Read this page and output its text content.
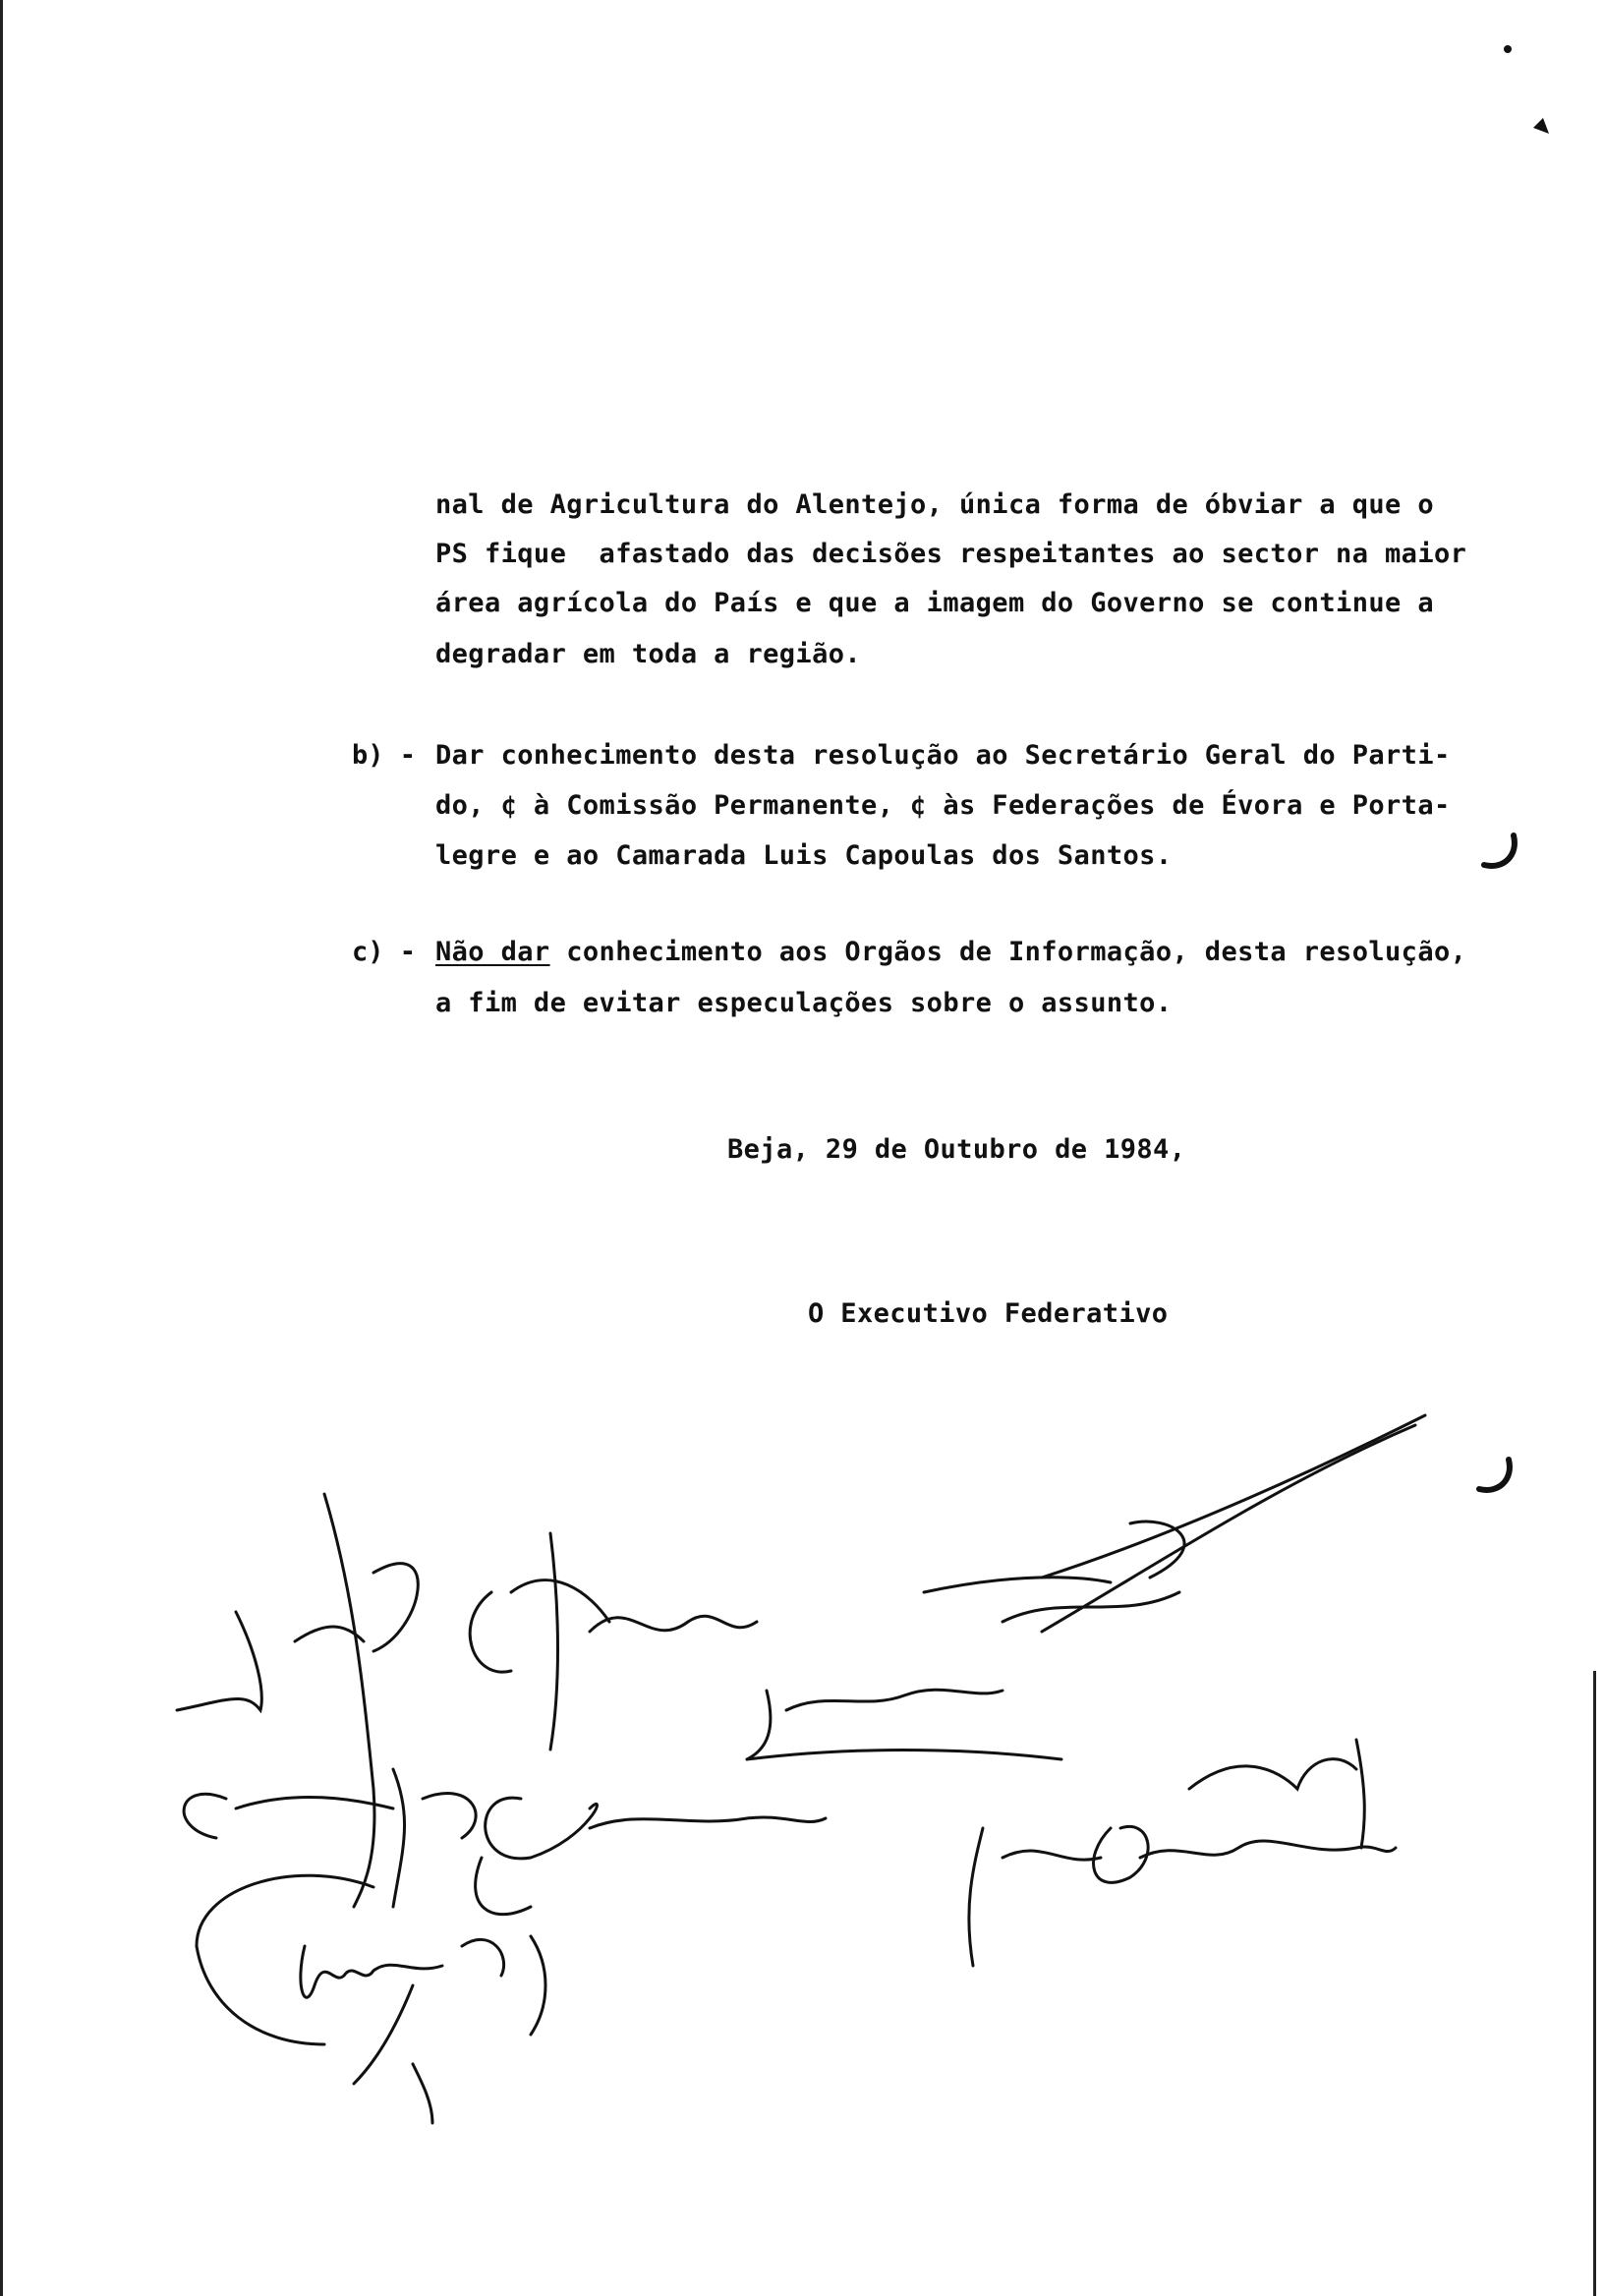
nal de Agricultura do Alentejo, única forma de óbviar a que o
PS fique  afastado das decisões respeitantes ao sector na maior
área agrícola do País e que a imagem do Governo se continue a
degradar em toda a região.
b) - Dar conhecimento desta resolução ao Secretário Geral do Parti-
do, ¢ à Comissão Permanente, ¢ às Federações de Évora e Porta-
legre e ao Camarada Luis Capoulas dos Santos.
c) - Não dar conhecimento aos Orgãos de Informação, desta resolução,
a fim de evitar especulações sobre o assunto.
Beja, 29 de Outubro de 1984,
O Executivo Federativo
